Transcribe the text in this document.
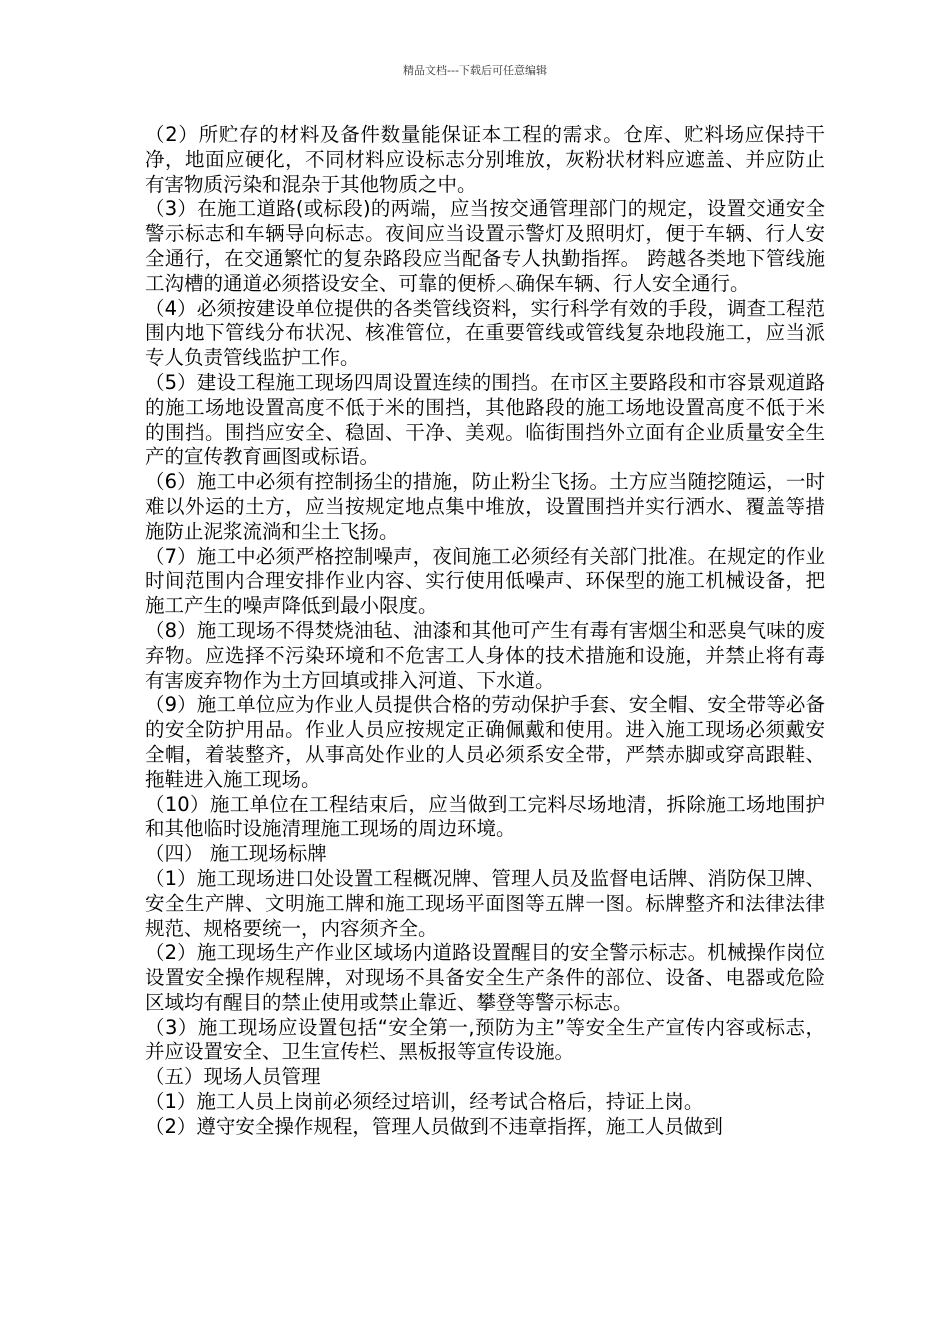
精品文档---下载后可任意编辑

（2）所贮存的材料及备件数量能保证本工程的需求。仓库、贮料场应保持干净，地面应硬化，不同材料应设标志分别堆放，灰粉状材料应遮盖、并应防止有害物质污染和混杂于其他物质之中。

（3）在施工道路(或标段)的两端，应当按交通管理部门的规定，设置交通安全警示标志和车辆导向标志。夜间应当设置示警灯及照明灯，便于车辆、行人安全通行，在交通繁忙的复杂路段应当配备专人执勤指挥。 跨越各类地下管线施工沟槽的通道必须搭设安全、可靠的便桥︿确保车辆、行人安全通行。

（4）必须按建设单位提供的各类管线资料，实行科学有效的手段，调查工程范围内地下管线分布状况、核准管位，在重要管线或管线复杂地段施工，应当派专人负责管线监护工作。

（5）建设工程施工现场四周设置连续的围挡。在市区主要路段和市容景观道路的施工场地设置高度不低于米的围挡，其他路段的施工场地设置高度不低于米的围挡。围挡应安全、稳固、干净、美观。临街围挡外立面有企业质量安全生产的宣传教育画图或标语。

（6）施工中必须有控制扬尘的措施，防止粉尘飞扬。土方应当随挖随运，一时难以外运的土方，应当按规定地点集中堆放，设置围挡并实行洒水、覆盖等措施防止泥浆流淌和尘土飞扬。

（7）施工中必须严格控制噪声，夜间施工必须经有关部门批准。在规定的作业时间范围内合理安排作业内容、实行使用低噪声、环保型的施工机械设备，把施工产生的噪声降低到最小限度。

（8）施工现场不得焚烧油毡、油漆和其他可产生有毒有害烟尘和恶臭气味的废弃物。应选择不污染环境和不危害工人身体的技术措施和设施，并禁止将有毒有害废弃物作为土方回填或排入河道、下水道。

（9）施工单位应为作业人员提供合格的劳动保护手套、安全帽、安全带等必备的安全防护用品。作业人员应按规定正确佩戴和使用。进入施工现场必须戴安全帽，着装整齐，从事高处作业的人员必须系安全带，严禁赤脚或穿高跟鞋、拖鞋进入施工现场。

（10）施工单位在工程结束后，应当做到工完料尽场地清，拆除施工场地围护和其他临时设施清理施工现场的周边环境。

（四） 施工现场标牌

（1）施工现场进口处设置工程概况牌、管理人员及监督电话牌、消防保卫牌、安全生产牌、文明施工牌和施工现场平面图等五牌一图。标牌整齐和法律法律规范、规格要统一，内容须齐全。

（2）施工现场生产作业区域场内道路设置醒目的安全警示标志。机械操作岗位设置安全操作规程牌，对现场不具备安全生产条件的部位、设备、电器或危险区域均有醒目的禁止使用或禁止靠近、攀登等警示标志。

（3）施工现场应设置包括“安全第一,预防为主”等安全生产宣传内容或标志，并应设置安全、卫生宣传栏、黑板报等宣传设施。

（五）现场人员管理

（1）施工人员上岗前必须经过培训，经考试合格后，持证上岗。

（2）遵守安全操作规程，管理人员做到不违章指挥，施工人员做到
